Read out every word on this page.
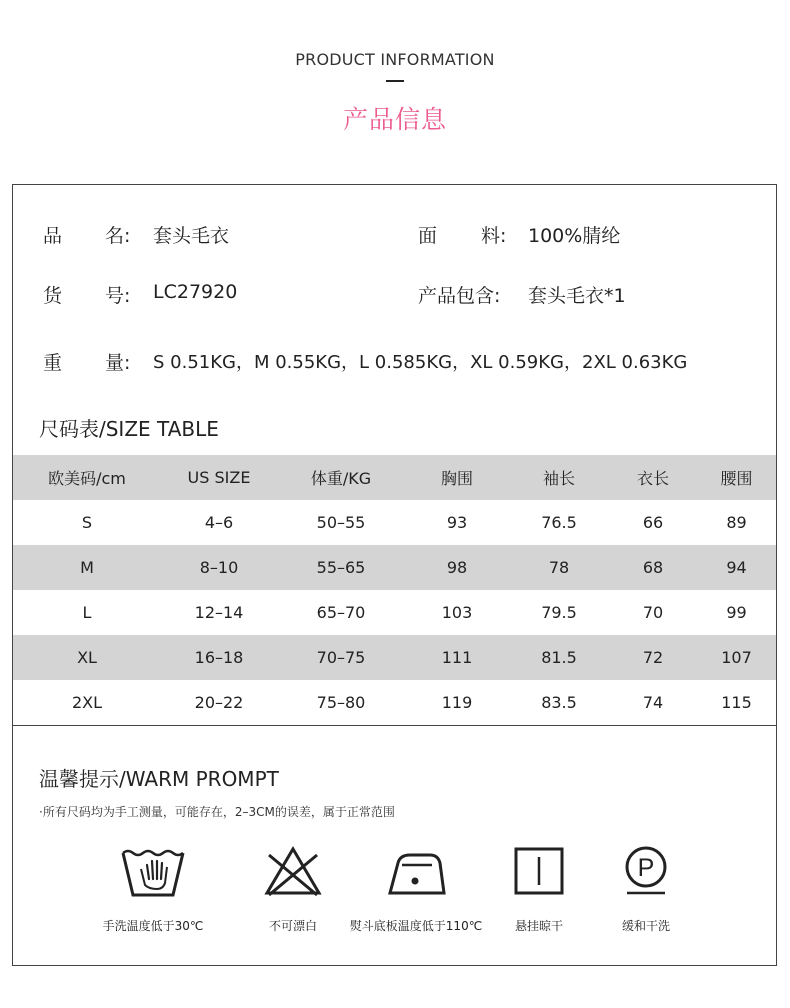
PRODUCT INFORMATION
产品信息
品 名: 套头毛衣	面 料: 100%腈纶
货 号: LC27920	产品包含: 套头毛衣*1
重 量: S 0.51KG，M 0.55KG，L 0.585KG，XL 0.59KG，2XL 0.63KG
尺码表/SIZE TABLE
欧美码/cm	US SIZE	体重/KG	胸围	袖长	衣长	腰围
S	4–6	50–55	93	76.5	66	89
M	8–10	55–65	98	78	68	94
L	12–14	65–70	103	79.5	70	99
XL	16–18	70–75	111	81.5	72	107
2XL	20–22	75–80	119	83.5	74	115
温馨提示/WARM PROMPT
·所有尺码均为手工测量，可能存在，2–3CM的误差，属于正常范围
手洗温度低于30℃	不可漂白	熨斗底板温度低于110℃	悬挂晾干
P
缓和干洗
